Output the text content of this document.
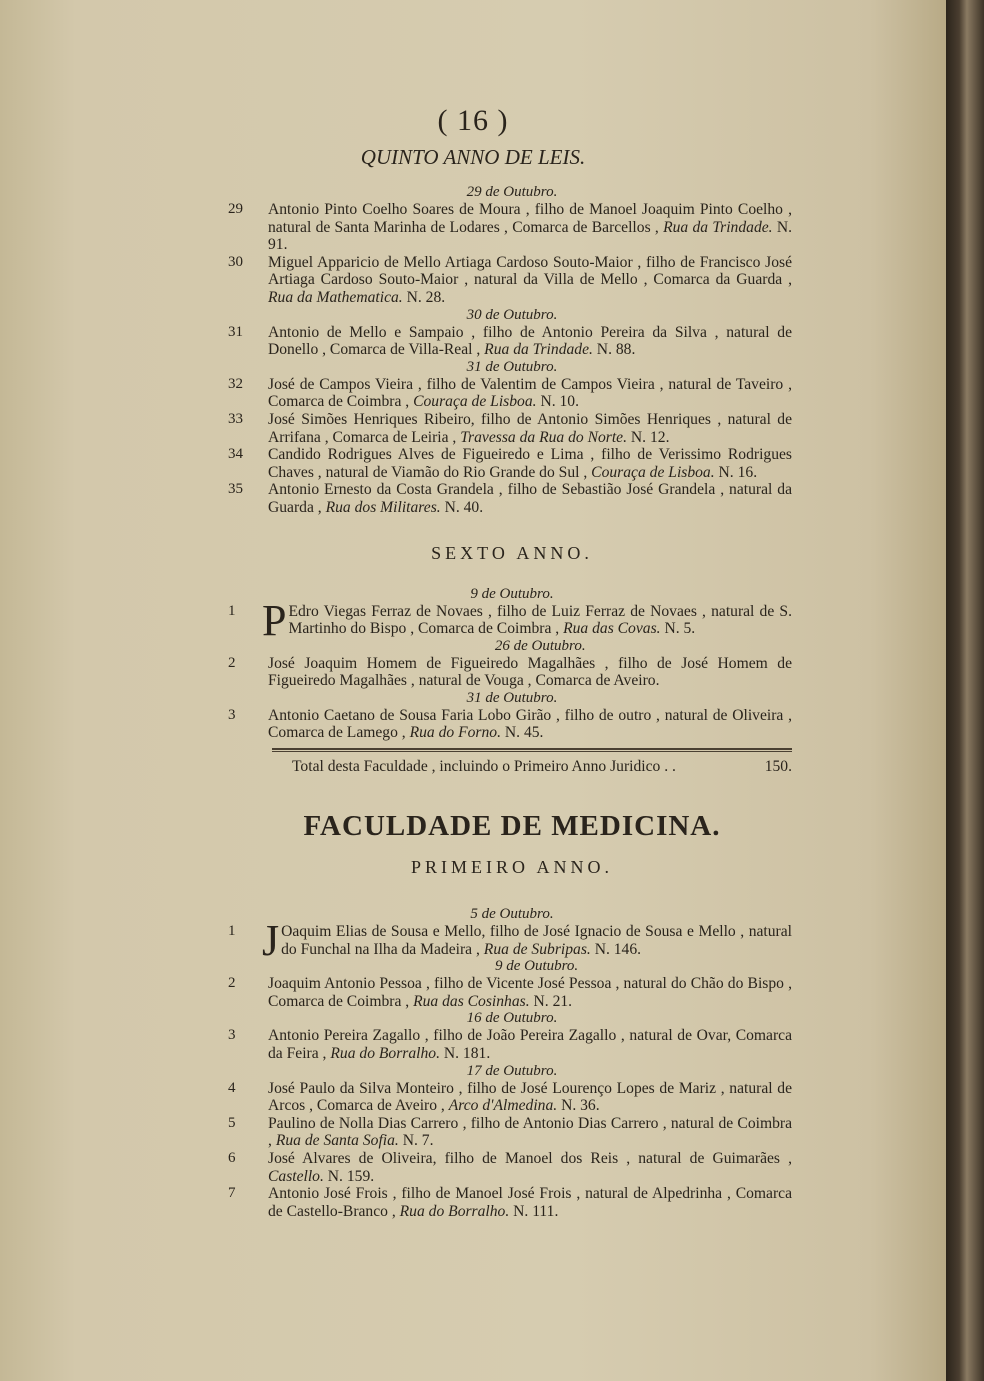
( 16 )
QUINTO ANNO DE LEIS.
29 de Outubro.
29	Antonio Pinto Coelho Soares de Moura , filho de Manoel Joaquim Pinto Coelho , natural de Santa Marinha de Lodares , Comarca de Barcellos , Rua da Trindade. N. 91.
30	Miguel Apparicio de Mello Artiaga Cardoso Souto-Maior , filho de Francisco José Artiaga Cardoso Souto-Maior , natural da Villa de Mello , Comarca da Guarda , Rua da Mathematica. N. 28.
30 de Outubro.
31	Antonio de Mello e Sampaio , filho de Antonio Pereira da Silva , natural de Donello , Comarca de Villa-Real , Rua da Trindade. N. 88.
31 de Outubro.
32	José de Campos Vieira , filho de Valentim de Campos Vieira , natural de Taveiro , Comarca de Coimbra , Couraça de Lisboa. N. 10.
33	José Simões Henriques Ribeiro, filho de Antonio Simões Henriques , natural de Arrifana , Comarca de Leiria , Travessa da Rua do Norte. N. 12.
34	Candido Rodrigues Alves de Figueiredo e Lima , filho de Verissimo Rodrigues Chaves , natural de Viamão do Rio Grande do Sul , Couraça de Lisboa. N. 16.
35	Antonio Ernesto da Costa Grandela , filho de Sebastião José Grandela , natural da Guarda , Rua dos Militares. N. 40.
SEXTO ANNO.
9 de Outubro.
1 P Edro Viegas Ferraz de Novaes , filho de Luiz Ferraz de Novaes , natural de S. Martinho do Bispo , Comarca de Coimbra , Rua das Covas. N. 5.
26 de Outubro.
2	José Joaquim Homem de Figueiredo Magalhães , filho de José Homem de Figueiredo Magalhães , natural de Vouga , Comarca de Aveiro.
31 de Outubro.
3	Antonio Caetano de Sousa Faria Lobo Girão , filho de outro , natural de Oliveira , Comarca de Lamego , Rua do Forno. N. 45.
Total desta Faculdade , incluindo o Primeiro Anno Juridico . .	150.
FACULDADE DE MEDICINA.
PRIMEIRO ANNO.
5 de Outubro.
1 J Oaquim Elias de Sousa e Mello, filho de José Ignacio de Sousa e Mello , natural do Funchal na Ilha da Madeira , Rua de Subripas. N. 146.
9 de Outubro.
2	Joaquim Antonio Pessoa , filho de Vicente José Pessoa , natural do Chão do Bispo , Comarca de Coimbra , Rua das Cosinhas. N. 21.
16 de Outubro.
3	Antonio Pereira Zagallo , filho de João Pereira Zagallo , natural de Ovar, Comarca da Feira , Rua do Borralho. N. 181.
17 de Outubro.
4	José Paulo da Silva Monteiro , filho de José Lourenço Lopes de Mariz , natural de Arcos , Comarca de Aveiro , Arco d'Almedina. N. 36.
5	Paulino de Nolla Dias Carrero , filho de Antonio Dias Carrero , natural de Coimbra , Rua de Santa Sofia. N. 7.
6	José Alvares de Oliveira, filho de Manoel dos Reis , natural de Guimarães , Castello. N. 159.
7	Antonio José Frois , filho de Manoel José Frois , natural de Alpedrinha , Comarca de Castello-Branco , Rua do Borralho. N. 111.
